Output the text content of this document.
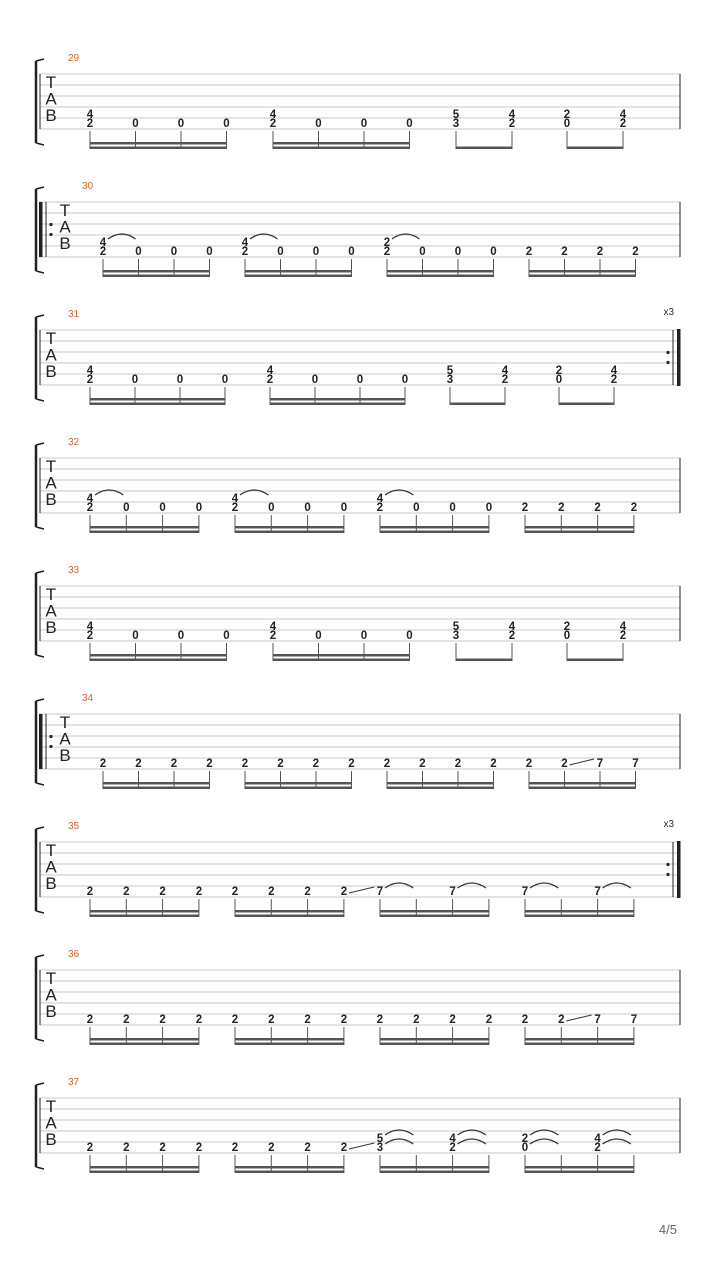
29
T
A
B	4
2	0	0	0
4
2	0	0	0
5
3
4
2
2
0
4
2
30
T
A
B	4
2	0	0	0
4
2	0	0	0
2
2	0	0	0	2	2	2	2
x3
31
T
A
B	4
2	0	0	0
4
2	0	0	0
5
3
4
2
2
0
4
2
32
T
A
B	4
2	0	0	0
4
2	0	0	0
4
2	0	0	0	2	2	2	2
33
T
A
B	4
2	0	0	0
4
2	0	0	0
5
3
4
2
2
0
4
2
34
T
A
B	2	2	2	2	2	2	2	2	2	2	2	2	2	2	7	7
x3
35
T
A
B	2	2	2	2	2	2	2	2	7	7	7	7
36
T
A
B	2	2	2	2	2	2	2	2	2	2	2	2	2	2	7	7
37
T
A
B	2	2	2	2	2	2	2	2
5
3
4
2
2
0
4
2
4/5
